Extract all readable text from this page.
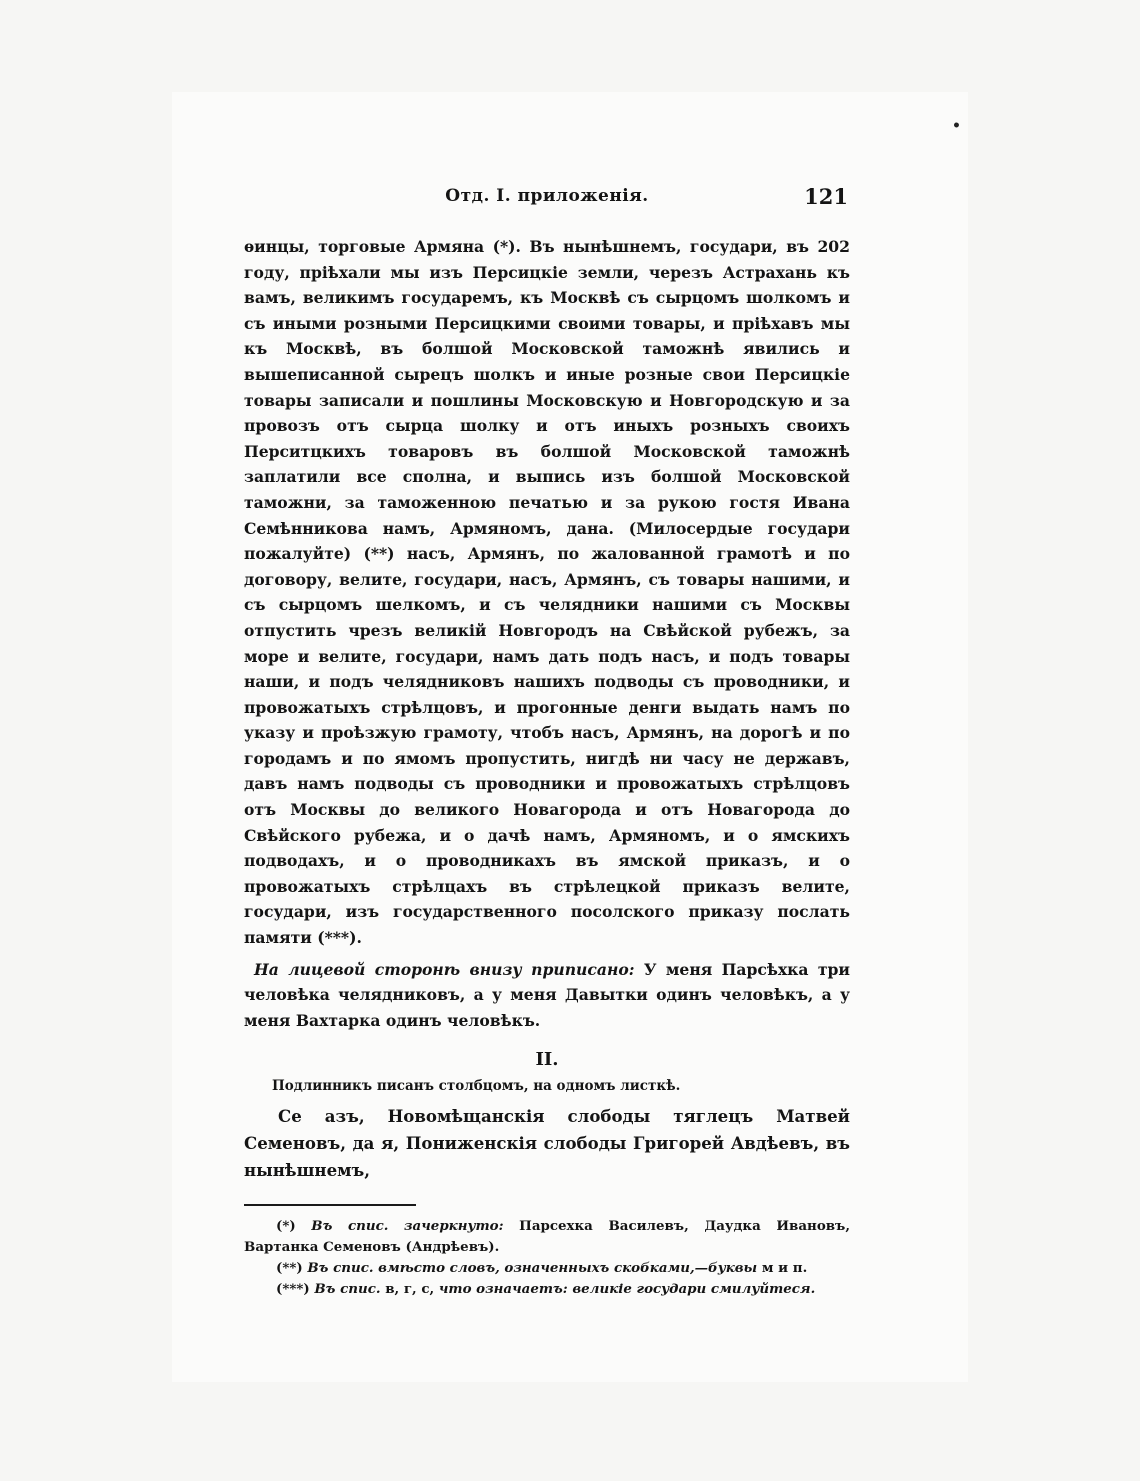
•
Отд. I. приложенія.	121

ѳинцы, торговые Армяна (*). Въ нынѣшнемъ, государи, въ 202 году, пріѣхали мы изъ Персицкіе земли, черезъ Астрахань къ вамъ, великимъ государемъ, къ Москвѣ съ сырцомъ шолкомъ и съ иными розными Персицкими своими товары, и пріѣхавъ мы къ Москвѣ, въ болшой Московской таможнѣ явились и вышеписанной сырецъ шолкъ и иные розные свои Персицкіе товары записали и пошлины Московскую и Новгородскую и за провозъ отъ сырца шолку и отъ иныхъ розныхъ своихъ Перситцкихъ товаровъ въ болшой Московской таможнѣ заплатили все сполна, и выпись изъ болшой Московской таможни, за таможенною печатью и за рукою гостя Ивана Семѣнникова намъ, Армяномъ, дана. (Милосердые государи пожалуйте) (**) насъ, Армянъ, по жалованной грамотѣ и по договору, велите, государи, насъ, Армянъ, съ товары нашими, и съ сырцомъ шелкомъ, и съ челядники нашими съ Москвы отпустить чрезъ великій Новгородъ на Свѣйской рубежъ, за море и велите, государи, намъ дать подъ насъ, и подъ товары наши, и подъ челядниковъ нашихъ подводы съ проводники, и провожатыхъ стрѣлцовъ, и прогонные денги выдать намъ по указу и проѣзжую грамоту, чтобъ насъ, Армянъ, на дорогѣ и по городамъ и по ямомъ пропустить, нигдѣ ни часу не державъ, давъ намъ подводы съ проводники и провожатыхъ стрѣлцовъ отъ Москвы до великого Новагорода и отъ Новагорода до Свѣйского рубежа, и о дачѣ намъ, Армяномъ, и о ямскихъ подводахъ, и о проводникахъ въ ямской приказъ, и о провожатыхъ стрѣлцахъ въ стрѣлецкой приказъ велите, государи, изъ государственного посолского приказу послать памяти (***).

На лицевой сторонѣ внизу приписано: У меня Парсѣхка три человѣка челядниковъ, а у меня Давытки одинъ человѣкъ, а у меня Вахтарка одинъ человѣкъ.

II.
Подлинникъ писанъ столбцомъ, на одномъ листкѣ.

Се азъ, Новомѣщанскія слободы тяглецъ Матвей Семеновъ, да я, Пониженскія слободы Григорей Авдѣевъ, въ нынѣшнемъ,

(*) Въ спис. зачеркнуто: Парсехка Василевъ, Даудка Ивановъ, Вартанка Семеновъ (Андрѣевъ).

(**) Въ спис. вмѣсто словъ, означенныхъ скобками,—буквы м и п.

(***) Въ спис. в, г, с, что означаетъ: великіе государи смилуйтеся.
